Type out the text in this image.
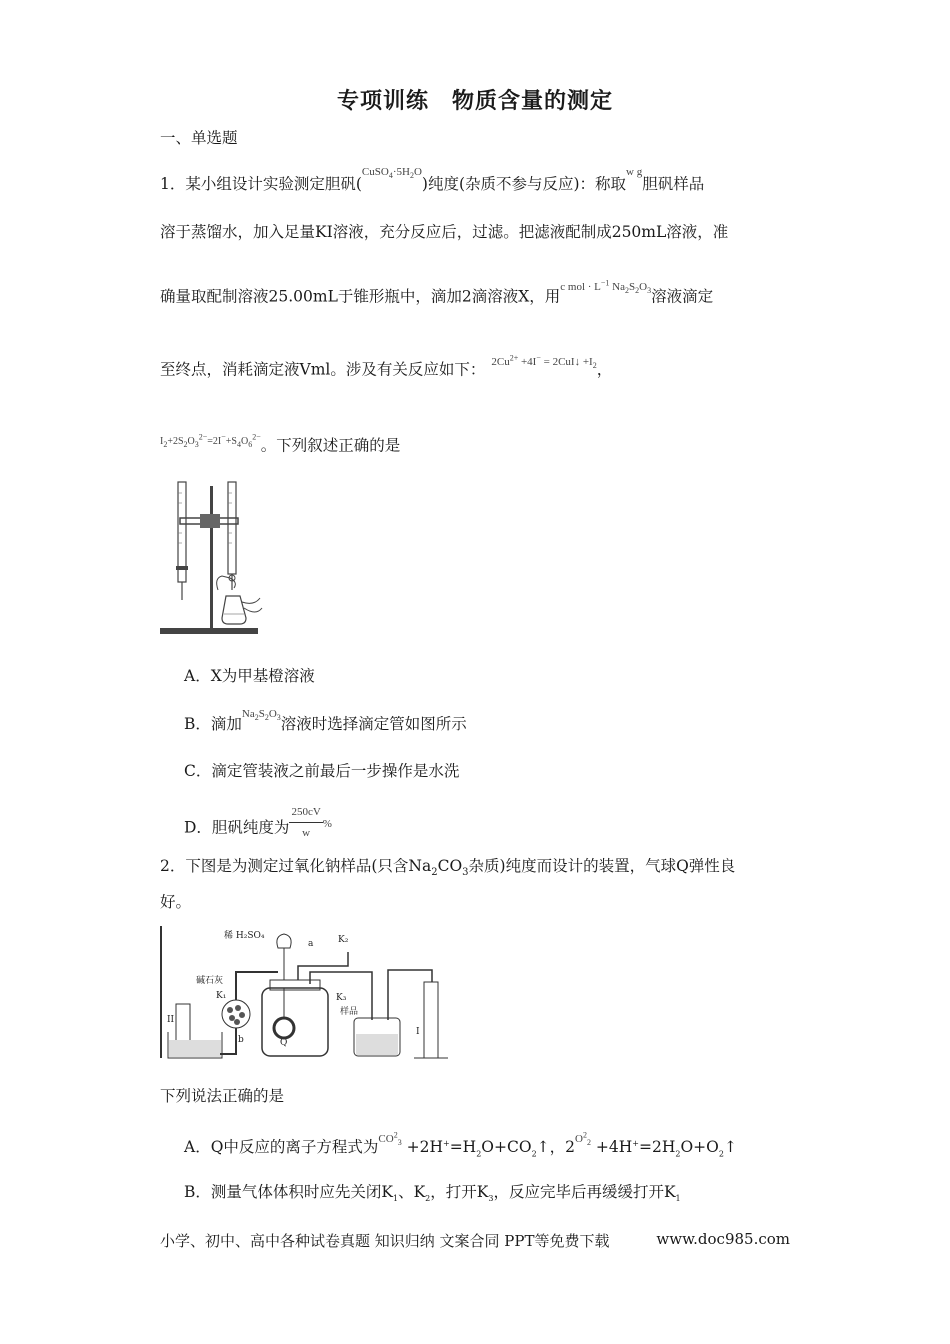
专项训练　物质含量的测定
一、单选题
1．某小组设计实验测定胆矾($^{CuSO_4\cdot 5H_2O}$)纯度(杂质不参与反应)：称取$^{w g}$胆矾样品
溶于蒸馏水，加入足量KI溶液，充分反应后，过滤。把滤液配制成250mL溶液，准
确量取配制溶液25.00mL于锥形瓶中，滴加2滴溶液X，用$^{c mol \cdot L^{-1} Na_2S_2O_3}$溶液滴定
至终点，消耗滴定液Vml。涉及有关反应如下： $^{2Cu^{2+} +4I^- = 2CuI↓ +I_2}$，
$^{I_2+2S_2O_3^{2-}=2I^-+S_4O_6^{2-}}$。下列叙述正确的是
A．X为甲基橙溶液
B．滴加$^{Na_2S_2O_3}$溶液时选择滴定管如图所示
C．滴定管装液之前最后一步操作是水洗
D．胆矾纯度为 $\frac{250cV}{w} ^{\%}$
2．下图是为测定过氧化钠样品(只含$Na_2CO_3$杂质)纯度而设计的装置，气球Q弹性良
好。
稀 H₂SO₄
a	K₂
碱石灰
K₁	K₃
样品
b
II
Q
I
下列说法正确的是
A．Q中反应的离子方程式为$^{CO^2_3} +2H^+=H_2O+CO_2↑$，$2^{O^2_2}$ $+4H^+=2H_2O+O_2↑$
B．测量气体体积时应先关闭$K_1$、$K_2$，打开$K_3$，反应完毕后再缓缓打开$K_1$
小学、初中、高中各种试卷真题 知识归纳 文案合同 PPT等免费下载	www.doc985.com
